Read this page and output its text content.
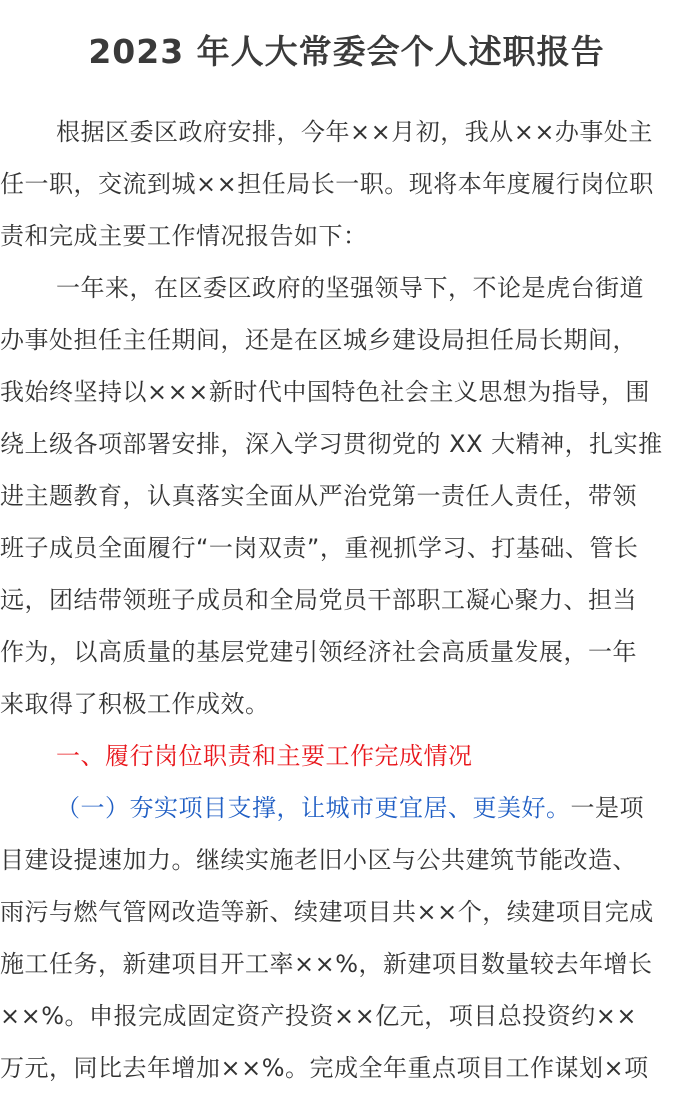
2023 年人大常委会个人述职报告
根据区委区政府安排，今年××月初，我从××办事处主
任一职，交流到城××担任局长一职。现将本年度履行岗位职
责和完成主要工作情况报告如下：
一年来，在区委区政府的坚强领导下，不论是虎台街道
办事处担任主任期间，还是在区城乡建设局担任局长期间，
我始终坚持以×××新时代中国特色社会主义思想为指导，围
绕上级各项部署安排，深入学习贯彻党的 XX 大精神，扎实推
进主题教育，认真落实全面从严治党第一责任人责任，带领
班子成员全面履行“一岗双责”，重视抓学习、打基础、管长
远，团结带领班子成员和全局党员干部职工凝心聚力、担当
作为，以高质量的基层党建引领经济社会高质量发展，一年
来取得了积极工作成效。
一、履行岗位职责和主要工作完成情况
（一）夯实项目支撑，让城市更宜居、更美好。一是项
目建设提速加力。继续实施老旧小区与公共建筑节能改造、
雨污与燃气管网改造等新、续建项目共××个，续建项目完成
施工任务，新建项目开工率××%，新建项目数量较去年增长
××%。申报完成固定资产投资××亿元，项目总投资约××
万元，同比去年增加××%。完成全年重点项目工作谋划×项
